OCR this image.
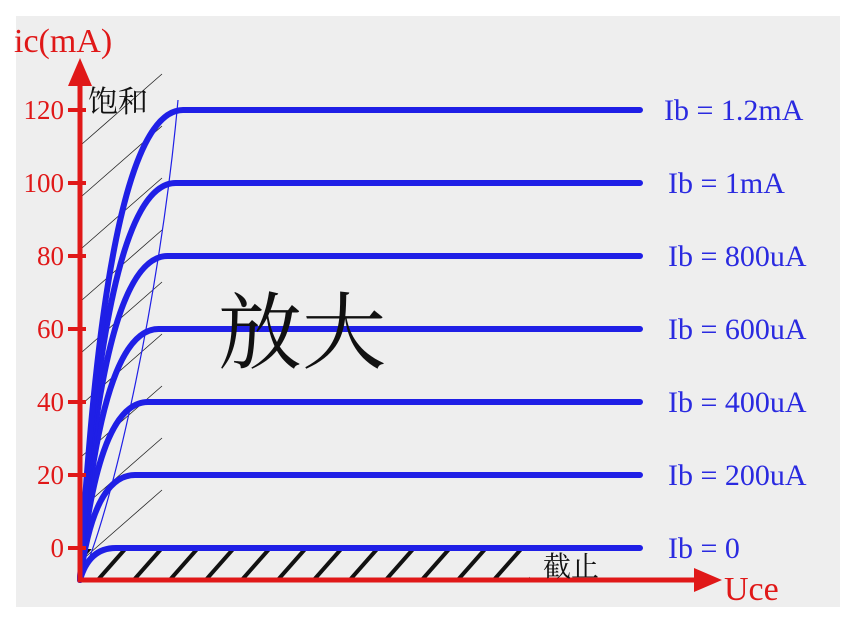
0
20
40
60
80
100
120
ic(mA)
Uce
饱和
放大
截止
Ib = 0
Ib = 200uA
Ib = 400uA
Ib = 600uA
Ib = 800uA
Ib = 1mA
Ib = 1.2mA
